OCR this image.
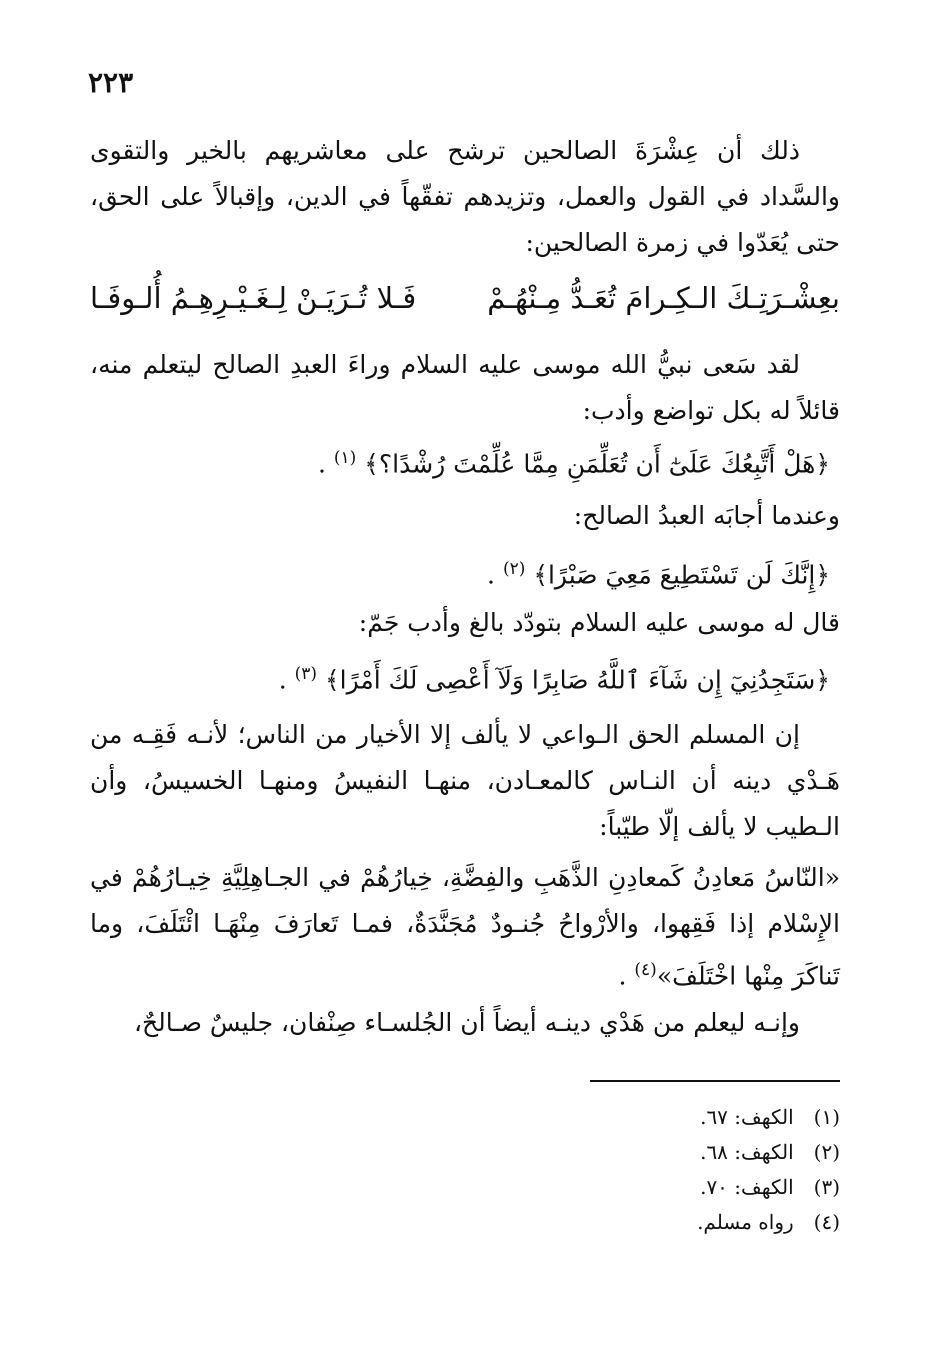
٢٢٣
ذلك أن عِشْرَةَ الصالحين ترشح على معاشريهم بالخير والتقوى والسَّداد في القول والعمل، وتزيدهم تفقّهاً في الدين، وإقبالاً على الحق، حتى يُعَدّوا في زمرة الصالحين:
بعِشْـرَتِـكَ الـكِـرامَ تُعَـدُّ مِـنْهُـمْ
فَـلا تُـرَيَـنْ لِـغَـيْـرِهِـمُ أُلـوفَـا
لقد سَعى نبيُّ الله موسى عليه السلام وراءَ العبدِ الصالح ليتعلم منه، قائلاً له بكل تواضع وأدب:
﴿هَلْ أَتَّبِعُكَ عَلَىٰٓ أَن تُعَلِّمَنِ مِمَّا عُلِّمْتَ رُشْدًا؟﴾ $^{(١)}$ .
وعندما أجابَه العبدُ الصالح:
﴿إِنَّكَ لَن تَسْتَطِيعَ مَعِيَ صَبْرًا﴾ $^{(٢)}$ .
قال له موسى عليه السلام بتودّد بالغ وأدب جَمّ:
﴿سَتَجِدُنِيٓ إِن شَآءَ ٱللَّهُ صَابِرًا وَلَآ أَعْصِى لَكَ أَمْرًا﴾ $^{(٣)}$ .
إن المسلم الحق الـواعي لا يألف إلا الأخيار من الناس؛ لأنـه فَقِـه من هَـدْي دينه أن النـاس كالمعـادن، منهـا النفيسُ ومنهـا الخسيسُ، وأن الـطيب لا يألف إلّا طيّباً:
«النّاسُ مَعادِنُ كَمعادِنِ الذَّهَبِ والفِضَّةِ، خِيارُهُمْ في الجـاهِلِيَّةِ خِيـارُهُمْ في الإِسْلام إذا فَقِهوا، والأرْواحُ جُنـودٌ مُجَنَّدَةٌ، فمـا تَعارَفَ مِنْهَـا ائْتَلَفَ، وما تَناكَرَ مِنْها اخْتَلَفَ»$^{(٤)}$ .
وإنـه ليعلم من هَدْي دينـه أيضاً أن الجُلسـاء صِنْفان، جليسٌ صـالحٌ،
(١) الكهف: ٦٧.
(٢) الكهف: ٦٨.
(٣) الكهف: ٧٠.
(٤) رواه مسلم.
